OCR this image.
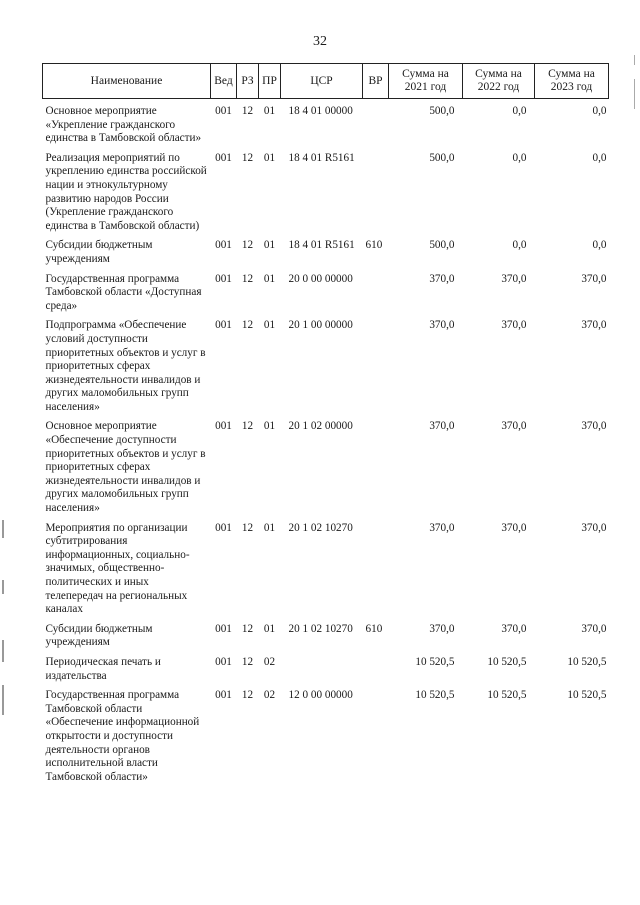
32
Наименование	Вед	РЗ	ПР	ЦСР	ВР	Сумма на 2021 год	Сумма на 2022 год	Сумма на 2023 год
Основное мероприятие «Укрепление гражданского единства в Тамбовской области»	001	12	01	18 4 01 00000		500,0	0,0	0,0
Реализация мероприятий по укреплению единства российской нации и этнокультурному развитию народов России (Укрепление гражданского единства в Тамбовской области)	001	12	01	18 4 01 R5161		500,0	0,0	0,0
Субсидии бюджетным учреждениям	001	12	01	18 4 01 R5161	610	500,0	0,0	0,0
Государственная программа Тамбовской области «Доступная среда»	001	12	01	20 0 00 00000		370,0	370,0	370,0
Подпрограмма «Обеспечение условий доступности приоритетных объектов и услуг в приоритетных сферах жизнедеятельности инвалидов и других маломобильных групп населения»	001	12	01	20 1 00 00000		370,0	370,0	370,0
Основное мероприятие «Обеспечение доступности приоритетных объектов и услуг в приоритетных сферах жизнедеятельности инвалидов и других маломобильных групп населения»	001	12	01	20 1 02 00000		370,0	370,0	370,0
Мероприятия по организации субтитрирования информационных, социально-значимых, общественно-политических и иных телепередач на региональных каналах	001	12	01	20 1 02 10270		370,0	370,0	370,0
Субсидии бюджетным учреждениям	001	12	01	20 1 02 10270	610	370,0	370,0	370,0
Периодическая печать и издательства	001	12	02			10 520,5	10 520,5	10 520,5
Государственная программа Тамбовской области «Обеспечение информационной открытости и доступности деятельности органов исполнительной власти Тамбовской области»	001	12	02	12 0 00 00000		10 520,5	10 520,5	10 520,5
